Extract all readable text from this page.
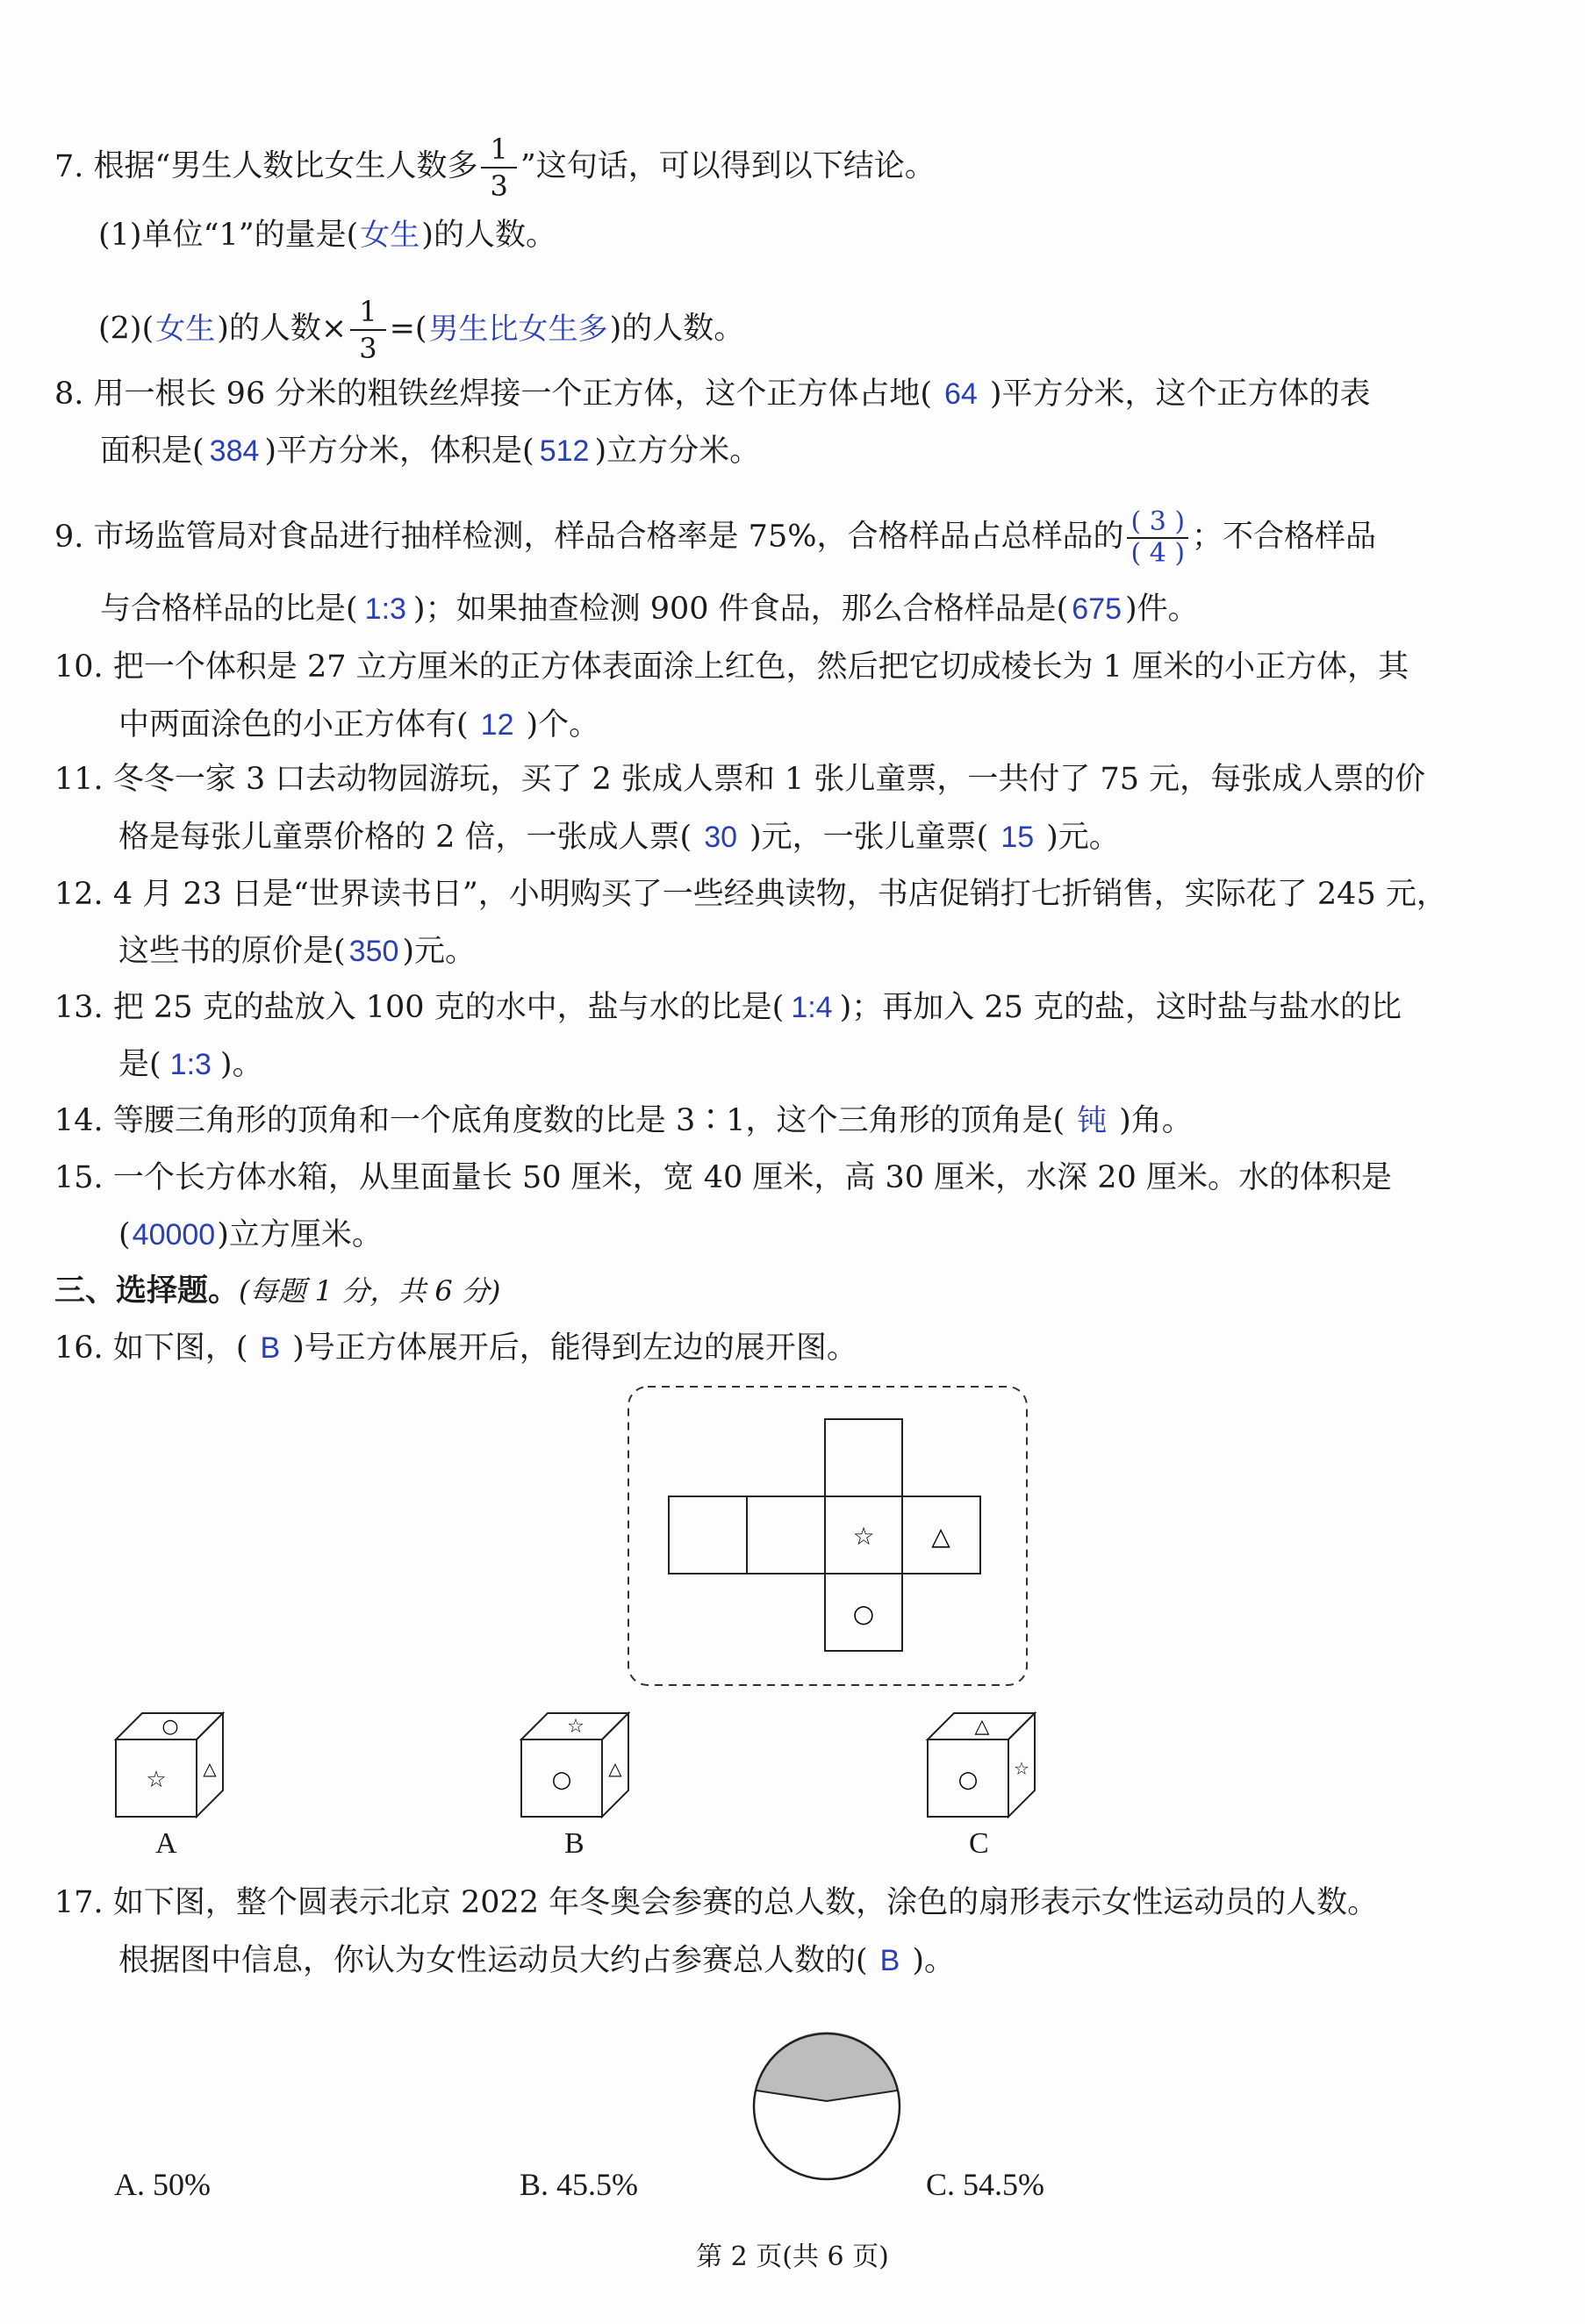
7. 根据“男生人数比女生人数多 $\frac{1}{3}$ ”这句话，可以得到以下结论。
(1)单位“1”的量是(女生)的人数。
(2)(女生)的人数× $\frac{1}{3}$ =(男生比女生多)的人数。
8. 用一根长 96 分米的粗铁丝焊接一个正方体，这个正方体占地( 64 )平方分米，这个正方体的表
面积是( 384 )平方分米，体积是( 512 )立方分米。
9. 市场监管局对食品进行抽样检测，样品合格率是 75%，合格样品占总样品的 $\frac{( 3 )}{( 4 )}$ ；不合格样品
与合格样品的比是( 1:3 )；如果抽查检测 900 件食品，那么合格样品是( 675 )件。
10. 把一个体积是 27 立方厘米的正方体表面涂上红色，然后把它切成棱长为 1 厘米的小正方体，其
中两面涂色的小正方体有( 12 )个。
11. 冬冬一家 3 口去动物园游玩，买了 2 张成人票和 1 张儿童票，一共付了 75 元，每张成人票的价
格是每张儿童票价格的 2 倍，一张成人票( 30 )元，一张儿童票( 15 )元。
12. 4 月 23 日是“世界读书日”，小明购买了一些经典读物，书店促销打七折销售，实际花了 245 元，
这些书的原价是( 350 )元。
13. 把 25 克的盐放入 100 克的水中，盐与水的比是( 1:4 )；再加入 25 克的盐，这时盐与盐水的比
是( 1:3 )。
14. 等腰三角形的顶角和一个底角度数的比是 3∶1，这个三角形的顶角是( 钝 )角。
15. 一个长方体水箱，从里面量长 50 厘米，宽 40 厘米，高 30 厘米，水深 20 厘米。水的体积是
(40000)立方厘米。
三、选择题。(每题 1 分，共 6 分)
16. 如下图，( B )号正方体展开后，能得到左边的展开图。
☆ △
○
○
☆ △
A
☆
○ △
B
△
○ ☆
C
17. 如下图，整个圆表示北京 2022 年冬奥会参赛的总人数，涂色的扇形表示女性运动员的人数。
根据图中信息，你认为女性运动员大约占参赛总人数的( B )。
A. 50%	B. 45.5%	C. 54.5%
第 2 页(共 6 页)
